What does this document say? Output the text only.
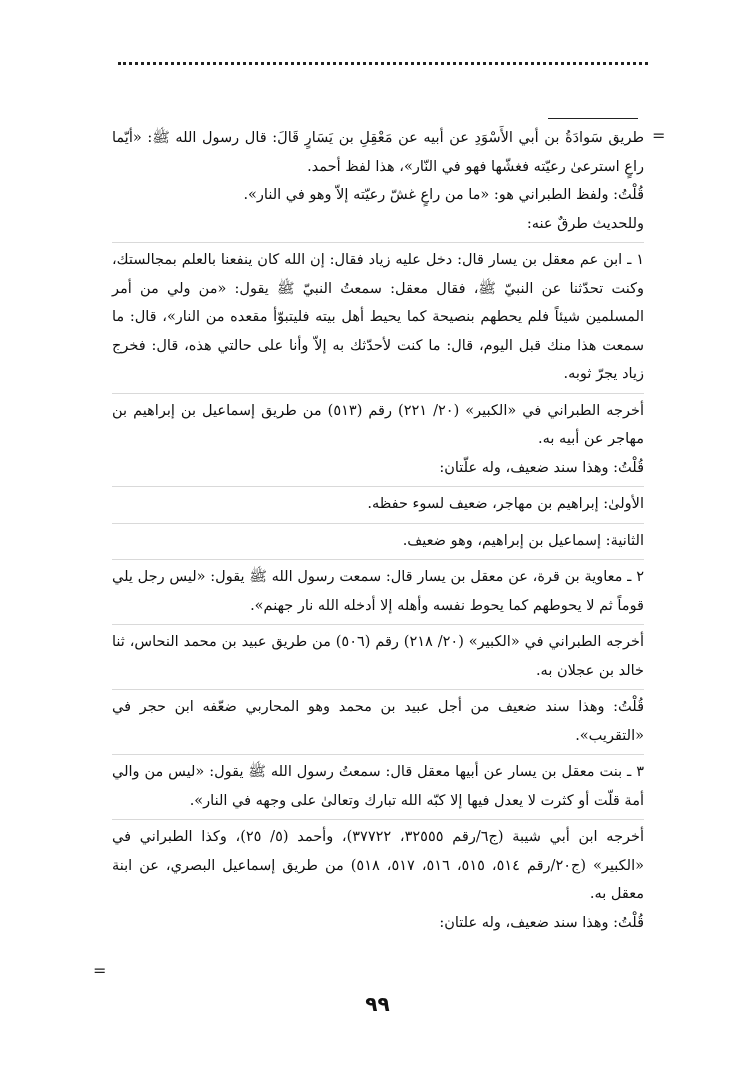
=

طريق سَوادَةُ بن أبي الأَسْوَدِ عن أبيه عن مَعْقِلِ بن يَسَارٍ قَالَ: قال رسول الله ﷺ: «أيّما راعٍ استرعىٰ رعيّته فغشّها فهو في النّار»، هذا لفظ أحمد.

قُلْتُ: ولفظ الطبراني هو: «ما من راعٍ غشّ رعيّته إلاّ وهو في النار».

وللحديث طرقٌ عنه:

١ ـ ابن عم معقل بن يسار قال: دخل عليه زياد فقال: إن الله كان ينفعنا بالعلم بمجالستك، وكنت تحدّثنا عن النبيّ ﷺ، فقال معقل: سمعتُ النبيّ ﷺ يقول: «من ولي من أمر المسلمين شيئاً فلم يحطهم بنصيحة كما يحيط أهل بيته فليتبوّأ مقعده من النار»، قال: ما سمعت هذا منك قبل اليوم، قال: ما كنت لأحدّثك به إلاّ وأنا على حالتي هذه، قال: فخرج زياد يجرّ ثوبه.

أخرجه الطبراني في «الكبير» (٢٠/ ٢٢١) رقم (٥١٣) من طريق إسماعيل بن إبراهيم بن مهاجر عن أبيه به.

قُلْتُ: وهذا سند ضعيف، وله علّتان:

الأولىٰ: إبراهيم بن مهاجر، ضعيف لسوء حفظه.

الثانية: إسماعيل بن إبراهيم، وهو ضعيف.

٢ ـ معاوية بن قرة، عن معقل بن يسار قال: سمعت رسول الله ﷺ يقول: «ليس رجل يلي قوماً ثم لا يحوطهم كما يحوط نفسه وأهله إلا أدخله الله نار جهنم».

أخرجه الطبراني في «الكبير» (٢٠/ ٢١٨) رقم (٥٠٦) من طريق عبيد بن محمد النحاس، ثنا خالد بن عجلان به.

قُلْتُ: وهذا سند ضعيف من أجل عبيد بن محمد وهو المحاربي ضعّفه ابن حجر في «التقريب».

٣ ـ بنت معقل بن يسار عن أبيها معقل قال: سمعتُ رسول الله ﷺ يقول: «ليس من والي أمة قلّت أو كثرت لا يعدل فيها إلا كبّه الله تبارك وتعالىٰ على وجهه في النار».

أخرجه ابن أبي شيبة (ج٦/رقم ٣٢٥٥٥، ٣٧٧٢٢)، وأحمد (٥/ ٢٥)، وكذا الطبراني في «الكبير» (ج٢٠/رقم ٥١٤، ٥١٥، ٥١٦، ٥١٧، ٥١٨) من طريق إسماعيل البصري، عن ابنة معقل به.

قُلْتُ: وهذا سند ضعيف، وله علتان:

=
٩٩
